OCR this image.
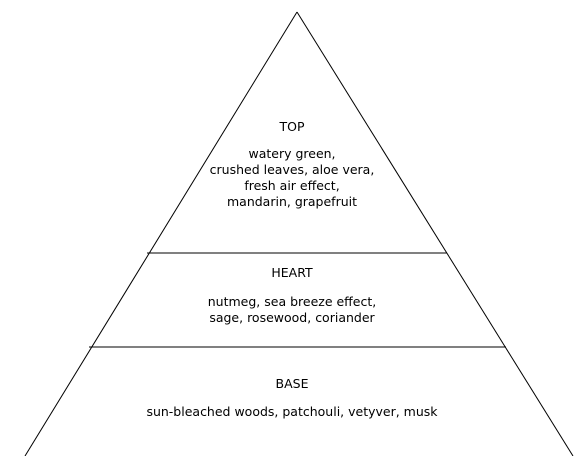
TOP
watery green,
crushed leaves, aloe vera,
fresh air effect,
mandarin, grapefruit
HEART
nutmeg, sea breeze effect,
sage, rosewood, coriander
BASE
sun-bleached woods, patchouli, vetyver, musk
